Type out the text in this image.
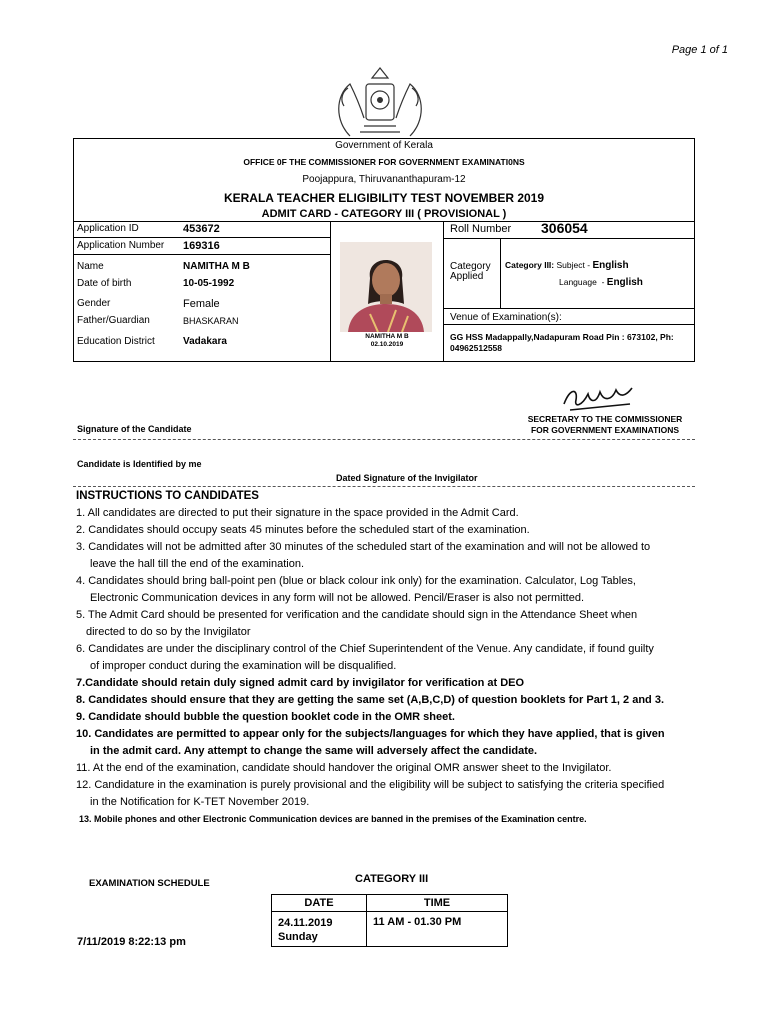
Page 1 of 1
Government of Kerala
OFFICE 0F THE COMMISSIONER FOR GOVERNMENT EXAMINATI0NS
Poojappura, Thiruvananthapuram-12
KERALA TEACHER ELIGIBILITY TEST NOVEMBER 2019
ADMIT CARD - CATEGORY III ( PROVISIONAL )
Application ID	453672
Application Number 169316
Name	NAMITHA M B
Date of birth	10-05-1992
Gender	Female
Father/Guardian	BHASKARAN
Education District	Vadakara	NAMITHA M B
02.10.2019
Roll Number 306054
Category
Applied
Category III: Subject - English
Language - English
Venue of Examination(s):
GG HSS Madappally,Nadapuram Road Pin : 673102, Ph: 04962512558
SECRETARY TO THE COMMISSIONER
FOR GOVERNMENT EXAMINATIONS
Signature of the Candidate
Candidate is Identified by me
Dated Signature of the Invigilator
INSTRUCTIONS TO CANDIDATES

1. All candidates are directed to put their signature in the space provided in the Admit Card.

2. Candidates should occupy seats 45 minutes before the scheduled start of the examination.

3. Candidates will not be admitted after 30 minutes of the scheduled start of the examination and will not be allowed to

leave the hall till the end of the examination.

4. Candidates should bring ball-point pen (blue or black colour ink only) for the examination. Calculator, Log Tables,

Electronic Communication devices in any form will not be allowed. Pencil/Eraser is also not permitted.

5. The Admit Card should be presented for verification and the candidate should sign in the Attendance Sheet when

directed to do so by the Invigilator

6. Candidates are under the disciplinary control of the Chief Superintendent of the Venue. Any candidate, if found guilty

of improper conduct during the examination will be disqualified.

7.Candidate should retain duly signed admit card by invigilator for verification at DEO

8. Candidates should ensure that they are getting the same set (A,B,C,D) of question booklets for Part 1, 2 and 3.

9. Candidate should bubble the question booklet code in the OMR sheet.

10. Candidates are permitted to appear only for the subjects/languages for which they have applied, that is given

in the admit card. Any attempt to change the same will adversely affect the candidate.

11. At the end of the examination, candidate should handover the original OMR answer sheet to the Invigilator.

12. Candidature in the examination is purely provisional and the eligibility will be subject to satisfying the criteria specified

in the Notification for K-TET November 2019.

13. Mobile phones and other Electronic Communication devices are banned in the premises of the Examination centre.

EXAMINATION SCHEDULE	CATEGORY III
DATE	TIME

24.11.2019
Sunday	11 AM - 01.30 PM
7/11/2019 8:22:13 pm
